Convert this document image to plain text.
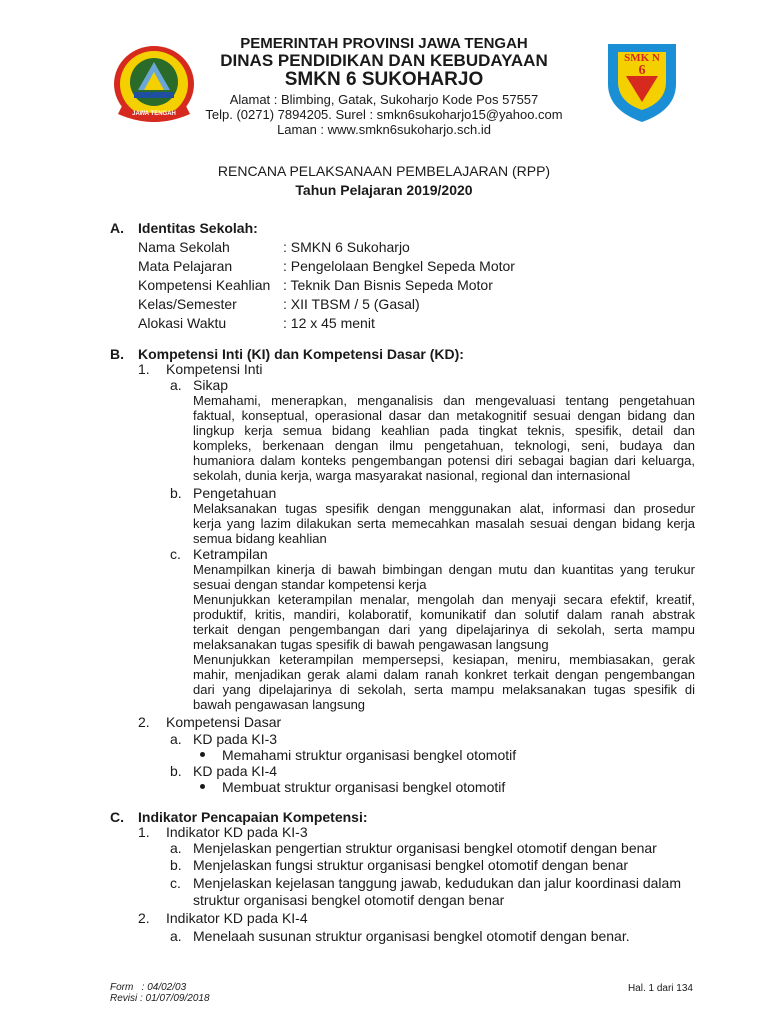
JAWA TENGAH
SMK N
6
PEMERINTAH PROVINSI JAWA TENGAH
DINAS PENDIDIKAN DAN KEBUDAYAAN
SMKN 6 SUKOHARJO
Alamat : Blimbing, Gatak, Sukoharjo Kode Pos 57557
Telp. (0271) 7894205. Surel : smkn6sukoharjo15@yahoo.com
Laman : www.smkn6sukoharjo.sch.id
RENCANA PELAKSANAAN PEMBELAJARAN (RPP)
Tahun Pelajaran 2019/2020
A. Identitas Sekolah:
Nama Sekolah	: SMKN 6 Sukoharjo
Mata Pelajaran	: Pengelolaan Bengkel Sepeda Motor
Kompetensi Keahlian : Teknik Dan Bisnis Sepeda Motor
Kelas/Semester	: XII TBSM / 5 (Gasal)
Alokasi Waktu	: 12 x 45 menit
B. Kompetensi Inti (KI) dan Kompetensi Dasar (KD):
1. Kompetensi Inti
a. Sikap
Memahami, menerapkan, menganalisis dan mengevaluasi tentang pengetahuan
faktual, konseptual, operasional dasar dan metakognitif sesuai dengan bidang dan
lingkup kerja semua bidang keahlian pada tingkat teknis, spesifik, detail dan
kompleks, berkenaan dengan ilmu pengetahuan, teknologi, seni, budaya dan
humaniora dalam konteks pengembangan potensi diri sebagai bagian dari keluarga,
sekolah, dunia kerja, warga masyarakat nasional, regional dan internasional
b. Pengetahuan
Melaksanakan tugas spesifik dengan menggunakan alat, informasi dan prosedur
kerja yang lazim dilakukan serta memecahkan masalah sesuai dengan bidang kerja
semua bidang keahlian
c. Ketrampilan
Menampilkan kinerja di bawah bimbingan dengan mutu dan kuantitas yang terukur
sesuai dengan standar kompetensi kerja
Menunjukkan keterampilan menalar, mengolah dan menyaji secara efektif, kreatif,
produktif, kritis, mandiri, kolaboratif, komunikatif dan solutif dalam ranah abstrak
terkait dengan pengembangan dari yang dipelajarinya di sekolah, serta mampu
melaksanakan tugas spesifik di bawah pengawasan langsung
Menunjukkan keterampilan mempersepsi, kesiapan, meniru, membiasakan, gerak
mahir, menjadikan gerak alami dalam ranah konkret terkait dengan pengembangan
dari yang dipelajarinya di sekolah, serta mampu melaksanakan tugas spesifik di
bawah pengawasan langsung
2. Kompetensi Dasar
a. KD pada KI-3
Memahami struktur organisasi bengkel otomotif
b. KD pada KI-4
Membuat struktur organisasi bengkel otomotif
C. Indikator Pencapaian Kompetensi:
1. Indikator KD pada KI-3
a. Menjelaskan pengertian struktur organisasi bengkel otomotif dengan benar
b. Menjelaskan fungsi struktur organisasi bengkel otomotif dengan benar
c. Menjelaskan kejelasan tanggung jawab, kedudukan dan jalur koordinasi dalam
struktur organisasi bengkel otomotif dengan benar
2. Indikator KD pada KI-4
a. Menelaah susunan struktur organisasi bengkel otomotif dengan benar.
Form   : 04/02/03
Revisi : 01/07/09/2018
Hal. 1 dari 134
